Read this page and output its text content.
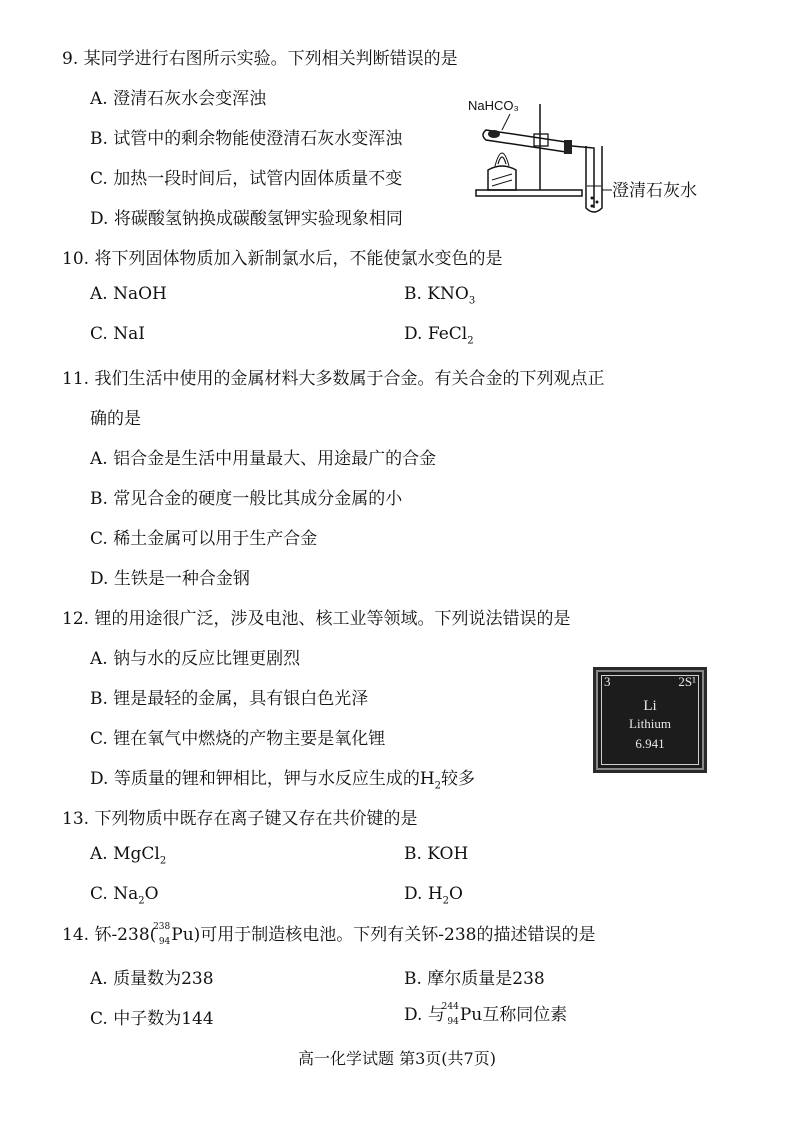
9. 某同学进行右图所示实验。下列相关判断错误的是
A. 澄清石灰水会变浑浊
B. 试管中的剩余物能使澄清石灰水变浑浊
C. 加热一段时间后，试管内固体质量不变
D. 将碳酸氢钠换成碳酸氢钾实验现象相同
NaHCO₃
澄清石灰水
10. 将下列固体物质加入新制氯水后，不能使氯水变色的是
A. NaOH	B. $KNO_3$
C. NaI	D. FeCl$_2$
11. 我们生活中使用的金属材料大多数属于合金。有关合金的下列观点正
确的是
A. 铝合金是生活中用量最大、用途最广的合金
B. 常见合金的硬度一般比其成分金属的小
C. 稀土金属可以用于生产合金
D. 生铁是一种合金钢
12. 锂的用途很广泛，涉及电池、核工业等领域。下列说法错误的是
A. 钠与水的反应比锂更剧烈
B. 锂是最轻的金属，具有银白色光泽
C. 锂在氧气中燃烧的产物主要是氧化锂
D. 等质量的锂和钾相比，钾与水反应生成的$H_2$较多
3	2S¹
Li
Lithium
6.941
13. 下列物质中既存在离子键又存在共价键的是
A. MgCl$_2$	B. KOH
C. $Na_2O$	D. $H_2O$
14. 钚-238(
238
94 Pu)可用于制造核电池。下列有关钚-238的描述错误的是
A. 质量数为238	B. 摩尔质量是238
C. 中子数为144	D. 与
244
94 Pu互称同位素
高一化学试题 第3页(共7页)
